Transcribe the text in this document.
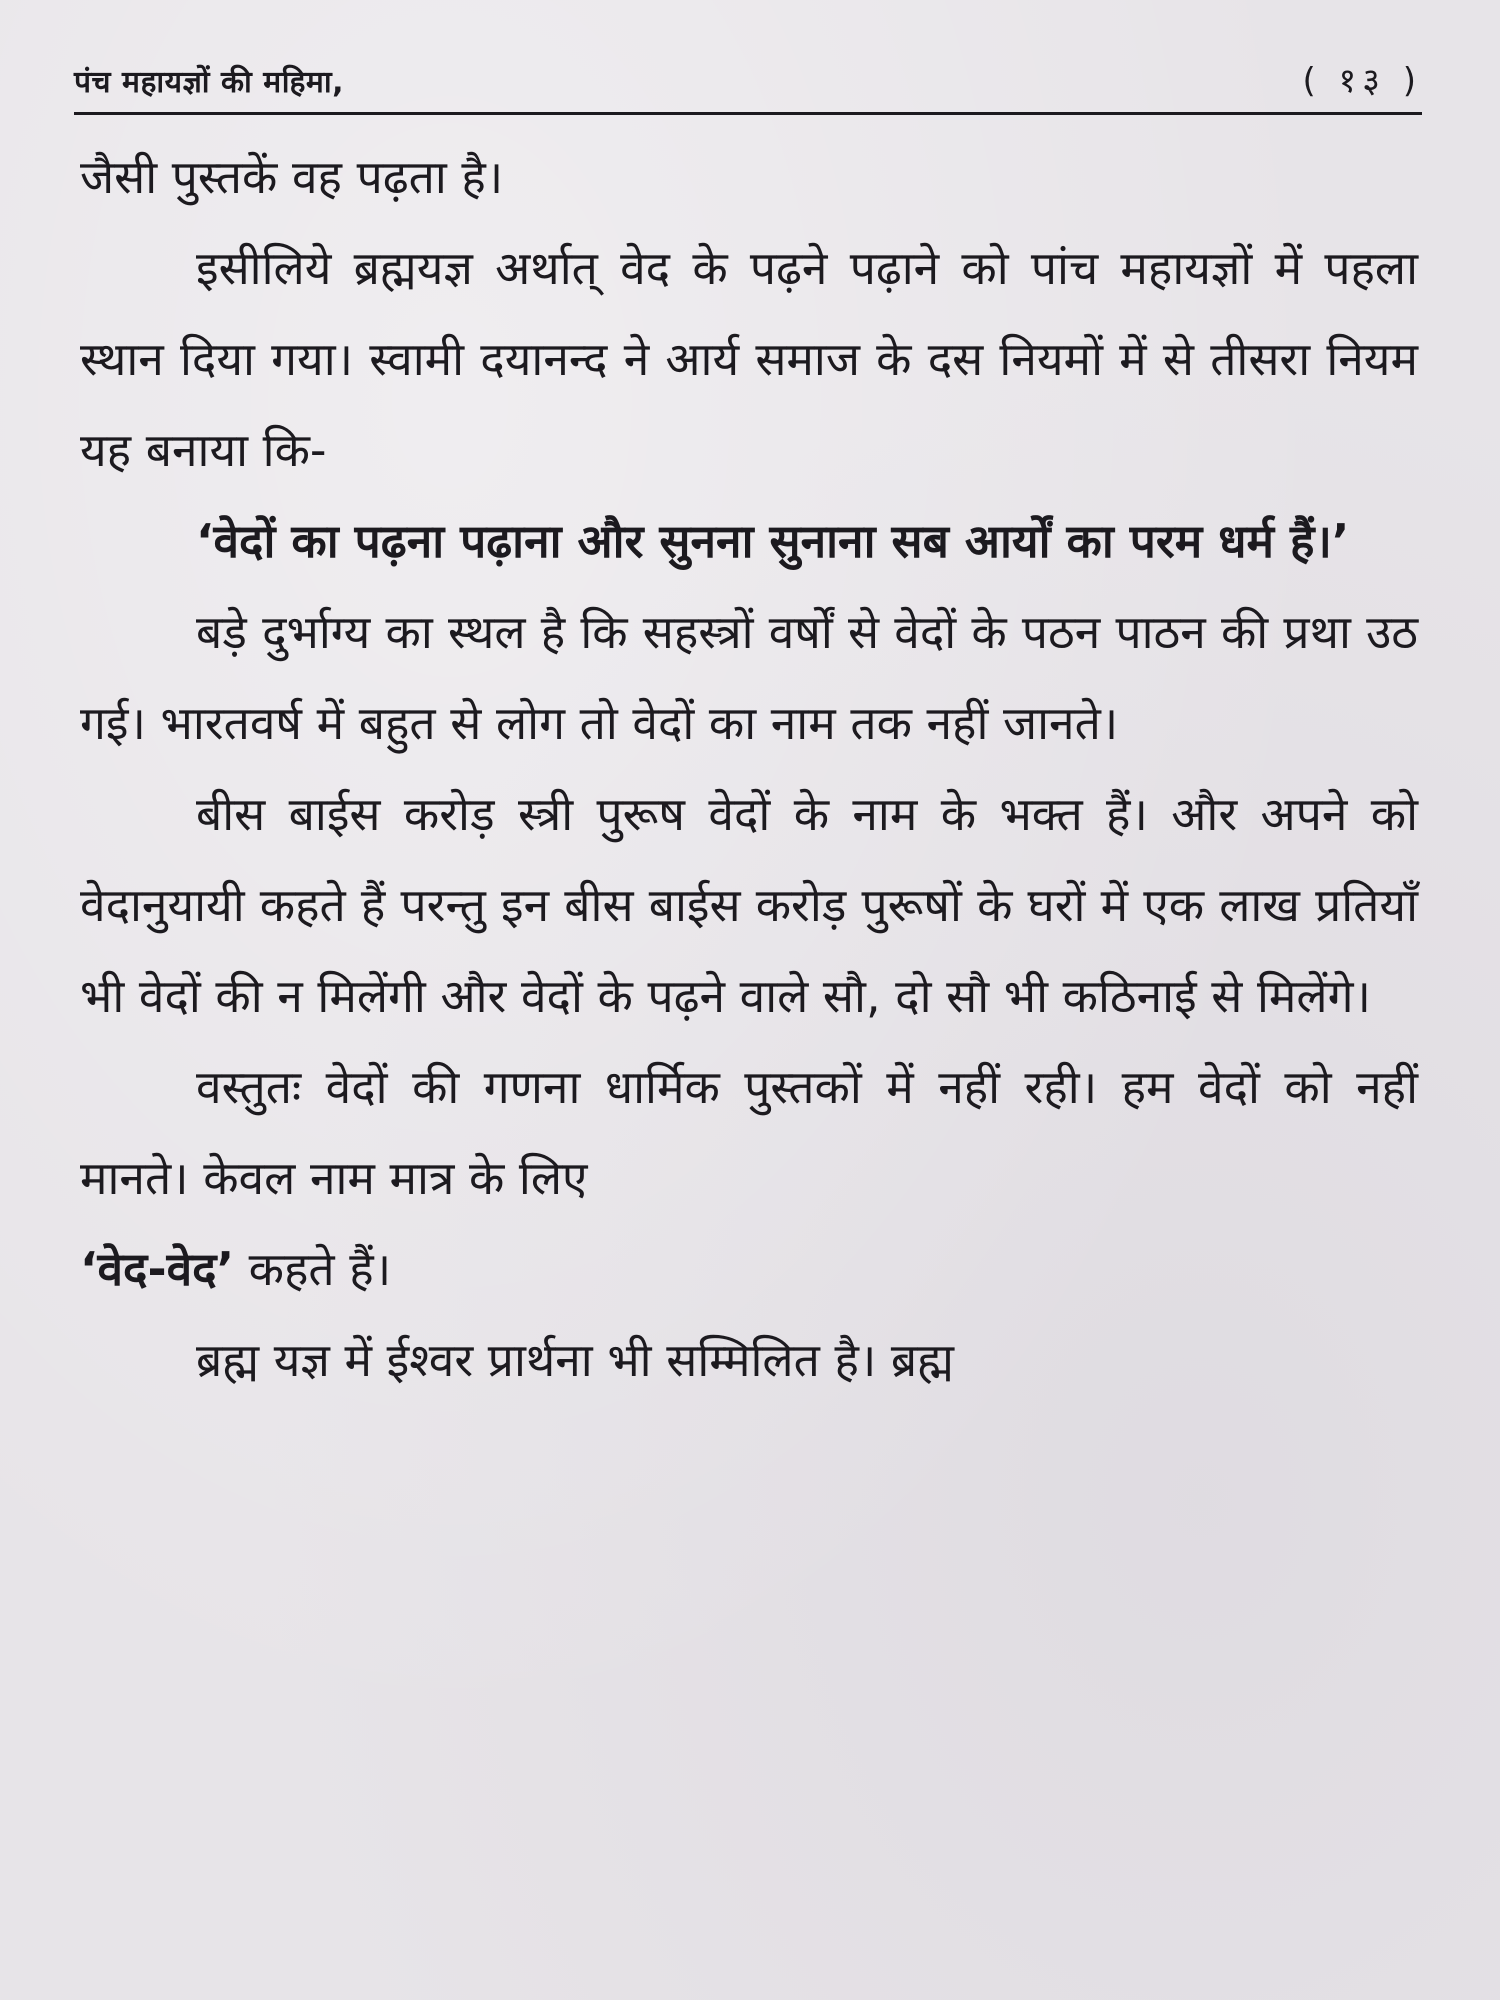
पंच महायज्ञों की महिमा,	( १३ )

जैसी पुस्तकें वह पढ़ता है।

इसीलिये ब्रह्मयज्ञ अर्थात् वेद के पढ़ने पढ़ाने को पांच महायज्ञों में पहला स्थान दिया गया। स्वामी दयानन्द ने आर्य समाज के दस नियमों में से तीसरा नियम यह बनाया कि-

‘वेदों का पढ़ना पढ़ाना और सुनना सुनाना सब आर्यों का परम धर्म हैं।’

बड़े दुर्भाग्य का स्थल है कि सहस्त्रों वर्षों से वेदों के पठन पाठन की प्रथा उठ गई। भारतवर्ष में बहुत से लोग तो वेदों का नाम तक नहीं जानते।

बीस बाईस करोड़ स्त्री पुरूष वेदों के नाम के भक्त हैं। और अपने को वेदानुयायी कहते हैं परन्तु इन बीस बाईस करोड़ पुरूषों के घरों में एक लाख प्रतियाँ भी वेदों की न मिलेंगी और वेदों के पढ़ने वाले सौ, दो सौ भी कठिनाई से मिलेंगे।

वस्तुतः वेदों की गणना धार्मिक पुस्तकों में नहीं रही। हम वेदों को नहीं मानते। केवल नाम मात्र के लिए

‘वेद-वेद’ कहते हैं।

ब्रह्म यज्ञ में ईश्वर प्रार्थना भी सम्मिलित है। ब्रह्म
